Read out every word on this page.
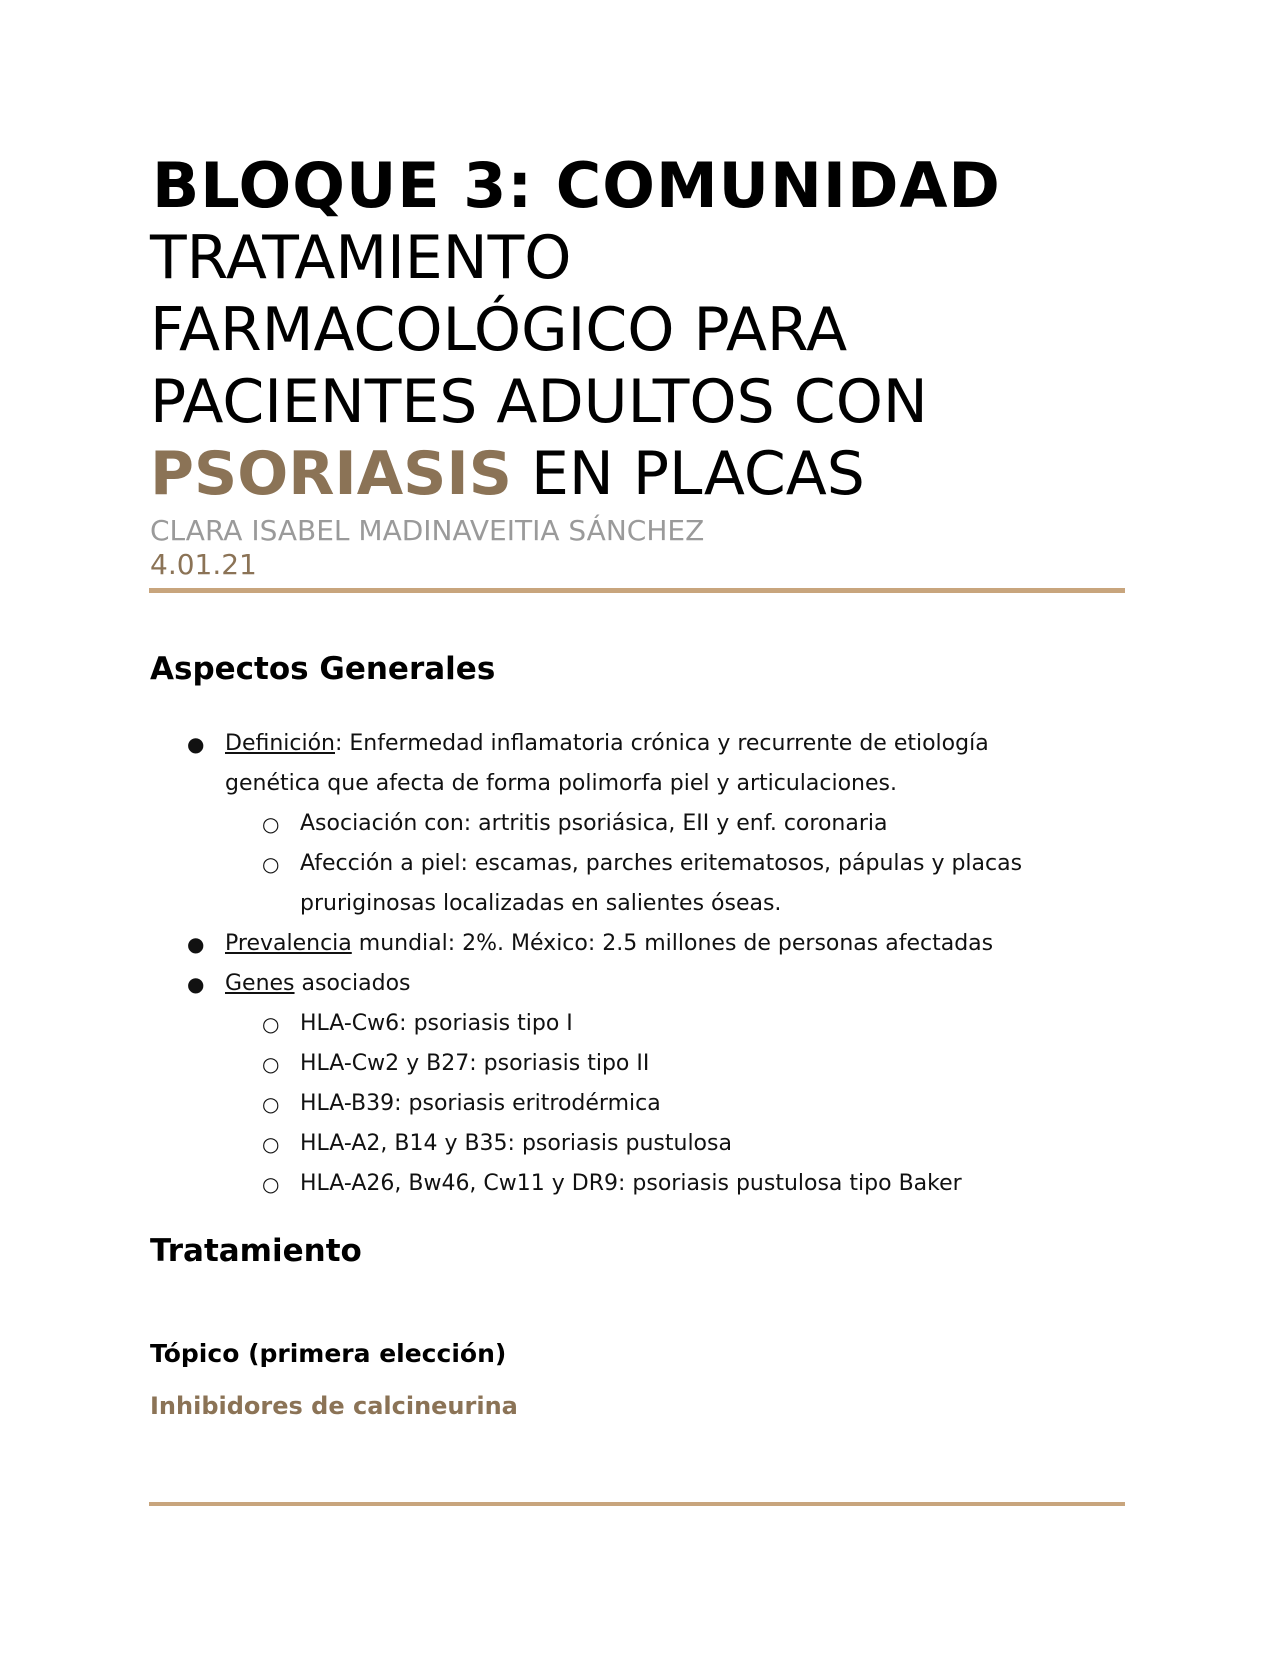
BLOQUE 3: COMUNIDAD
TRATAMIENTO
FARMACOLÓGICO PARA
PACIENTES ADULTOS CON
PSORIASIS EN PLACAS
CLARA ISABEL MADINAVEITIA SÁNCHEZ
4.01.21
Aspectos Generales
● Definición: Enfermedad inflamatoria crónica y recurrente de etiología genética que afecta de forma polimorfa piel y articulaciones.
○ Asociación con: artritis psoriásica, EII y enf. coronaria
○ Afección a piel: escamas, parches eritematosos, pápulas y placas pruriginosas localizadas en salientes óseas.
● Prevalencia mundial: 2%. México: 2.5 millones de personas afectadas
● Genes asociados
○ HLA-Cw6: psoriasis tipo I
○ HLA-Cw2 y B27: psoriasis tipo II
○ HLA-B39: psoriasis eritrodérmica
○ HLA-A2, B14 y B35: psoriasis pustulosa
○ HLA-A26, Bw46, Cw11 y DR9: psoriasis pustulosa tipo Baker
Tratamiento
Tópico (primera elección)
Inhibidores de calcineurina
